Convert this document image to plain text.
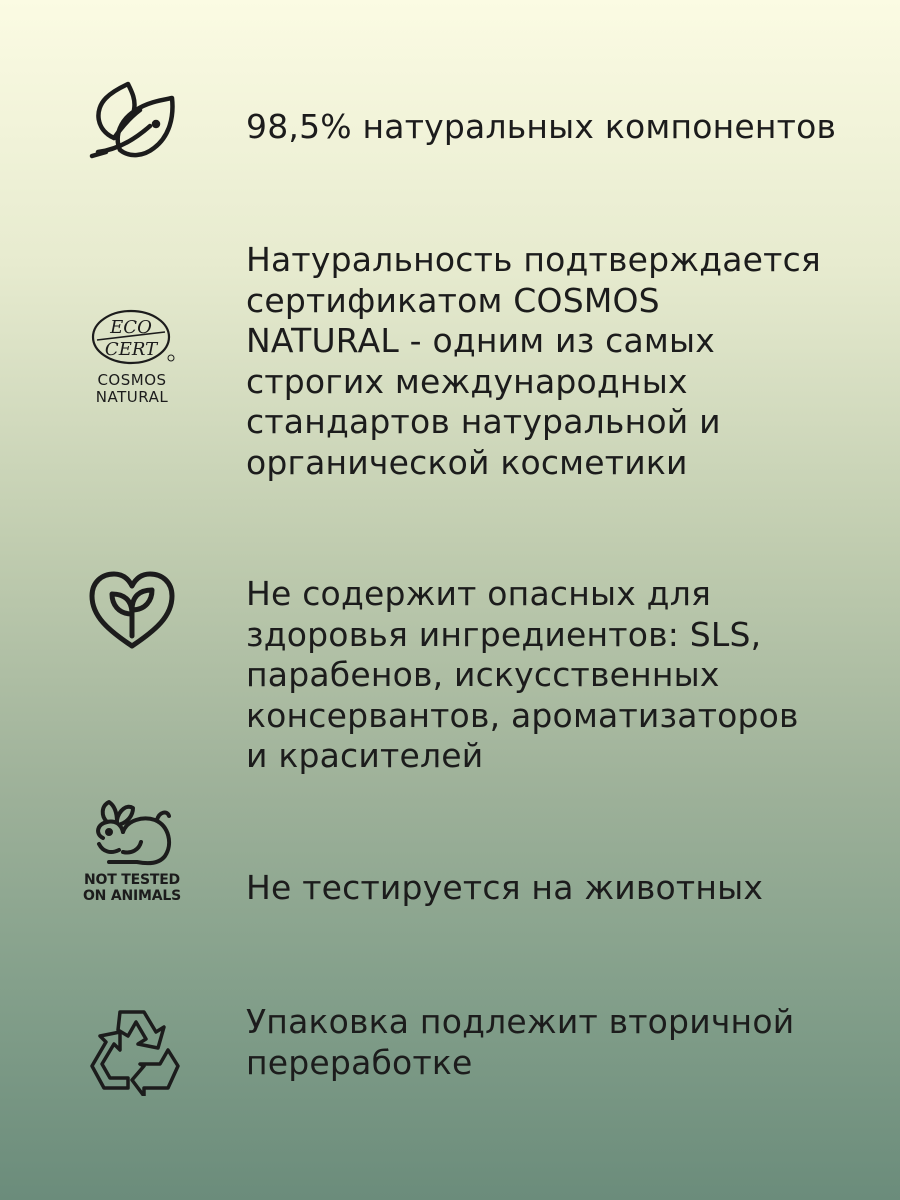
98,5% натуральных компонентов
ECO
CERT
COSMOS
NATURAL
Натуральность подтверждается
сертификатом COSMOS
NATURAL - одним из самых
строгих международных
стандартов натуральной и
органической косметики
Не содержит опасных для
здоровья ингредиентов: SLS,
парабенов, искусственных
консервантов, ароматизаторов
и красителей
NOT TESTED
ON ANIMALS Не тестируется на животных
Упаковка подлежит вторичной
переработке
